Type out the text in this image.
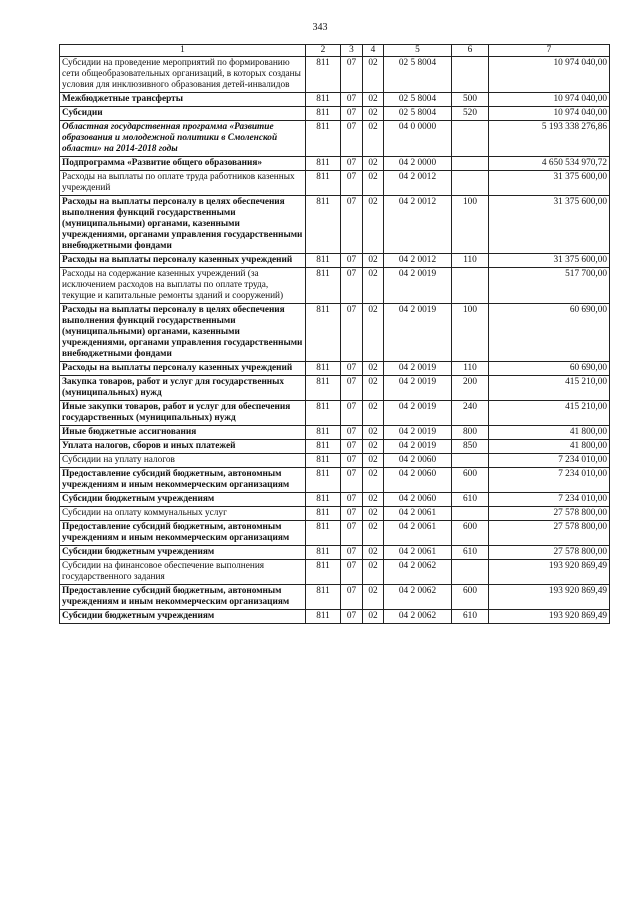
343
1	2	3	4	5	6	7
Субсидии на проведение мероприятий по формированию сети общеобразовательных организаций, в которых созданы условия для инклюзивного образования детей-инвалидов	811	07	02	02 5 8004		10 974 040,00
Межбюджетные трансферты	811	07	02	02 5 8004	500	10 974 040,00
Субсидии	811	07	02	02 5 8004	520	10 974 040,00
Областная государственная программа «Развитие образования и молодежной политики в Смоленской области» на 2014-2018 годы	811	07	02	04 0 0000		5 193 338 276,86
Подпрограмма «Развитие общего образования»	811	07	02	04 2 0000		4 650 534 970,72
Расходы на выплаты по оплате труда работников казенных учреждений	811	07	02	04 2 0012		31 375 600,00
Расходы на выплаты персоналу в целях обеспечения выполнения функций государственными (муниципальными) органами, казенными учреждениями, органами управления государственными внебюджетными фондами	811	07	02	04 2 0012	100	31 375 600,00
Расходы на выплаты персоналу казенных учреждений	811	07	02	04 2 0012	110	31 375 600,00
Расходы на содержание казенных учреждений (за исключением расходов на выплаты по оплате труда, текущие и капитальные ремонты зданий и сооружений)	811	07	02	04 2 0019		517 700,00
Расходы на выплаты персоналу в целях обеспечения выполнения функций государственными (муниципальными) органами, казенными учреждениями, органами управления государственными внебюджетными фондами	811	07	02	04 2 0019	100	60 690,00
Расходы на выплаты персоналу казенных учреждений	811	07	02	04 2 0019	110	60 690,00
Закупка товаров, работ и услуг для государственных (муниципальных) нужд	811	07	02	04 2 0019	200	415 210,00
Иные закупки товаров, работ и услуг для обеспечения государственных (муниципальных) нужд	811	07	02	04 2 0019	240	415 210,00
Иные бюджетные ассигнования	811	07	02	04 2 0019	800	41 800,00
Уплата налогов, сборов и иных платежей	811	07	02	04 2 0019	850	41 800,00
Субсидии на уплату налогов	811	07	02	04 2 0060		7 234 010,00
Предоставление субсидий бюджетным, автономным учреждениям и иным некоммерческим организациям	811	07	02	04 2 0060	600	7 234 010,00
Субсидии бюджетным учреждениям	811	07	02	04 2 0060	610	7 234 010,00
Субсидии на оплату коммунальных услуг	811	07	02	04 2 0061		27 578 800,00
Предоставление субсидий бюджетным, автономным учреждениям и иным некоммерческим организациям	811	07	02	04 2 0061	600	27 578 800,00
Субсидии бюджетным учреждениям	811	07	02	04 2 0061	610	27 578 800,00
Субсидии на финансовое обеспечение выполнения государственного задания	811	07	02	04 2 0062		193 920 869,49
Предоставление субсидий бюджетным, автономным учреждениям и иным некоммерческим организациям	811	07	02	04 2 0062	600	193 920 869,49
Субсидии бюджетным учреждениям	811	07	02	04 2 0062	610	193 920 869,49
